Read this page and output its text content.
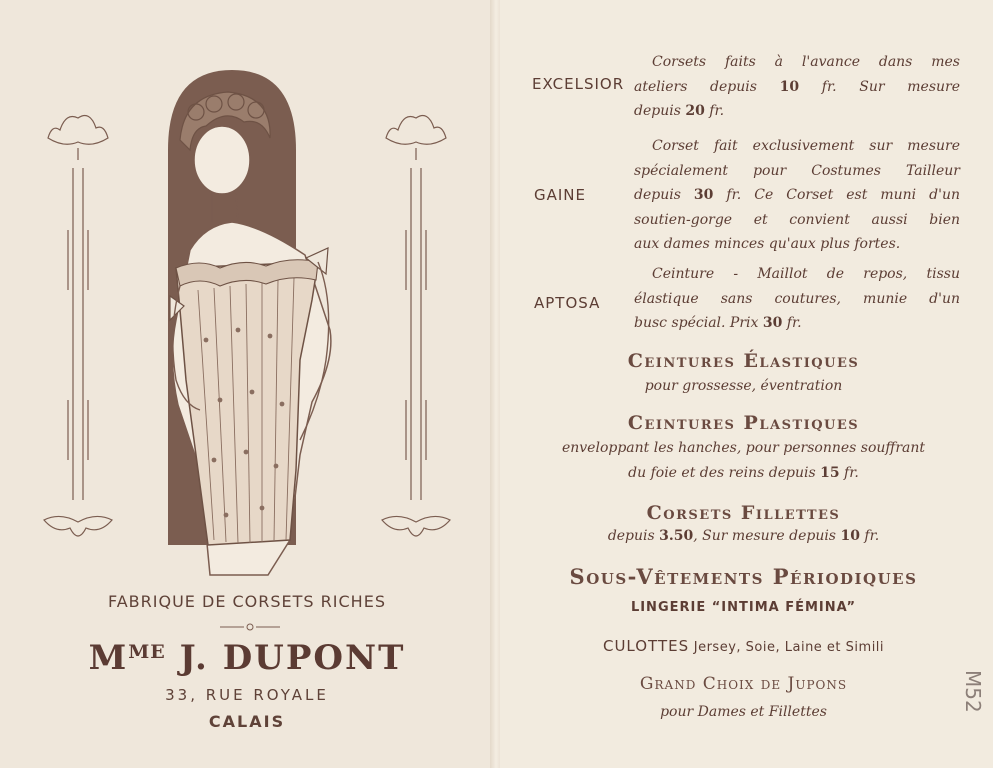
FABRIQUE DE CORSETS RICHES
$M^{ME}$ J. DUPONT
33, RUE ROYALE
CALAIS
EXCELSIOR
Corsets faits à l'avance dans mes
ateliers depuis 10 fr. Sur mesure
depuis 20 fr.
GAINE
Corset fait exclusivement sur mesure
spécialement pour Costumes Tailleur
depuis 30 fr. Ce Corset est muni d'un
soutien-gorge et convient aussi bien
aux dames minces qu'aux plus fortes.
APTOSA
Ceinture - Maillot de repos, tissu
élastique sans coutures, munie d'un
busc spécial. Prix 30 fr.
Ceintures Élastiques
pour grossesse, éventration
Ceintures Plastiques
enveloppant les hanches, pour personnes souffrant
du foie et des reins depuis 15 fr.
Corsets Fillettes
depuis 3.50, Sur mesure depuis 10 fr.
Sous-Vêtements Périodiques
LINGERIE “INTIMA FÉMINA”
CULOTTES Jersey, Soie, Laine et Simili
Grand Choix de Jupons
pour Dames et Fillettes	M52
